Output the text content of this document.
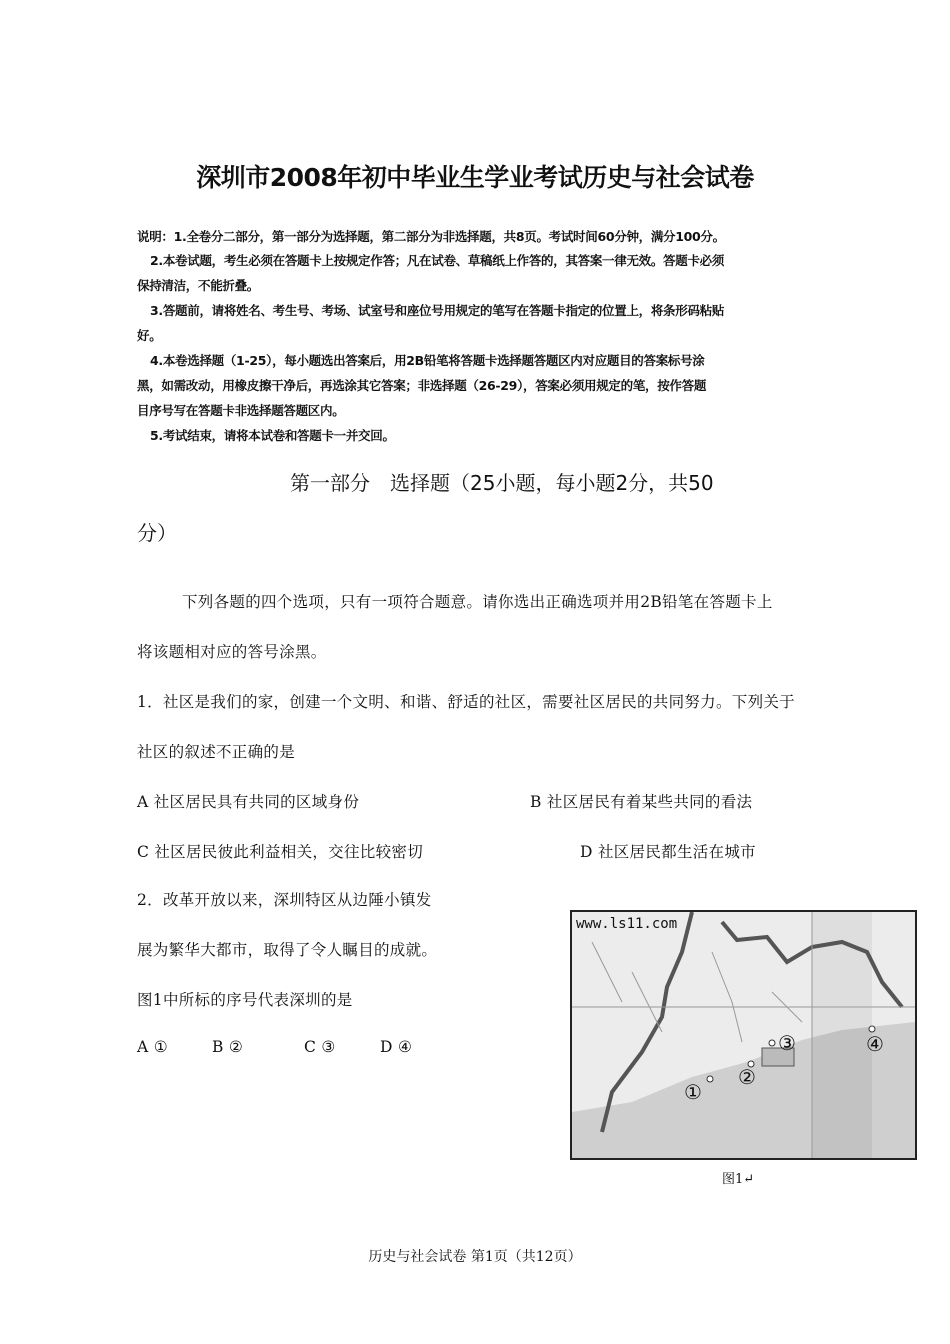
深圳市2008年初中毕业生学业考试历史与社会试卷
说明：1.全卷分二部分，第一部分为选择题，第二部分为非选择题，共8页。考试时间60分钟，满分100分。
2.本卷试题，考生必须在答题卡上按规定作答；凡在试卷、草稿纸上作答的，其答案一律无效。答题卡必须
保持清洁，不能折叠。
3.答题前，请将姓名、考生号、考场、试室号和座位号用规定的笔写在答题卡指定的位置上，将条形码粘贴
好。
4.本卷选择题（1-25），每小题选出答案后，用2B铅笔将答题卡选择题答题区内对应题目的答案标号涂
黑，如需改动，用橡皮擦干净后，再选涂其它答案；非选择题（26-29），答案必须用规定的笔，按作答题
目序号写在答题卡非选择题答题区内。
5.考试结束，请将本试卷和答题卡一并交回。
第一部分　选择题（25小题，每小题2分，共50
分）
下列各题的四个选项，只有一项符合题意。请你选出正确选项并用2B铅笔在答题卡上
将该题相对应的答号涂黑。
1．社区是我们的家，创建一个文明、和谐、舒适的社区，需要社区居民的共同努力。下列关于
社区的叙述不正确的是
A 社区居民具有共同的区域身份	B 社区居民有着某些共同的看法
C 社区居民彼此利益相关，交往比较密切	D 社区居民都生活在城市
2．改革开放以来，深圳特区从边陲小镇发
展为繁华大都市，取得了令人瞩目的成就。
图1中所标的序号代表深圳的是
A ①	B ②	C ③	D ④
www.ls11.com
①
②
③	④
图1↵
历史与社会试卷 第1页（共12页）
